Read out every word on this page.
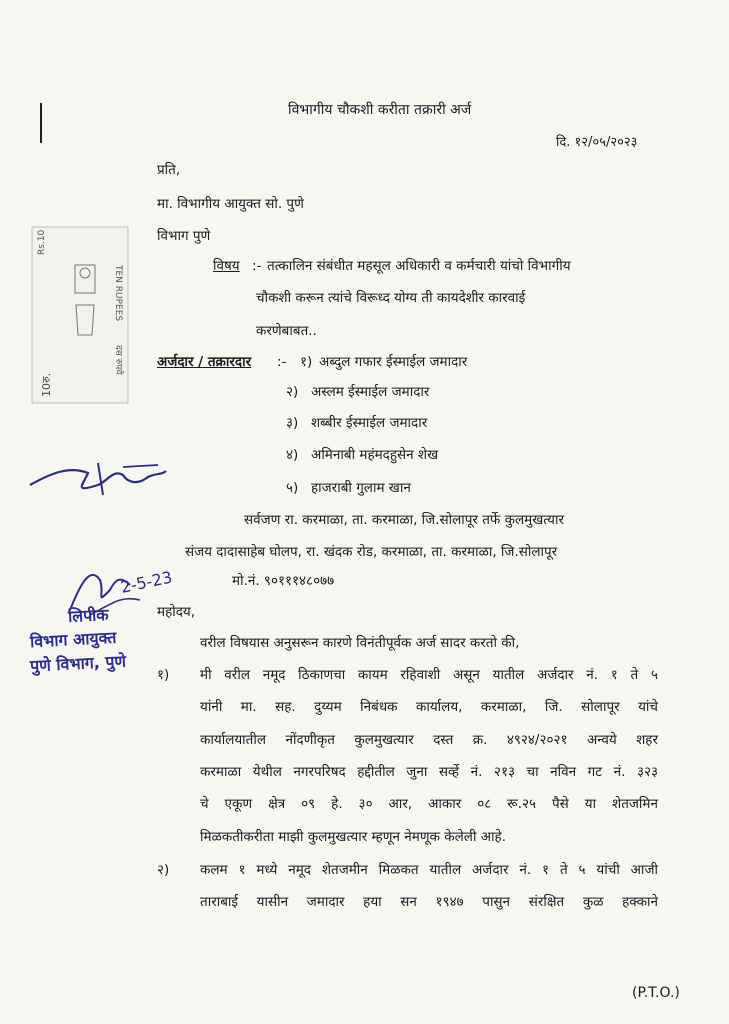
विभागीय चौकशी करीता तक्रारी अर्ज
दि. १२/०५/२०२३
प्रति,
मा. विभागीय आयुक्त सो. पुणे
विभाग पुणे
विषय :- तत्कालिन संबंधीत महसूल अधिकारी व कर्मचारी यांचो विभागीय
चौकशी करून त्यांचे विरूध्द योग्य ती कायदेशीर कारवाई
करणेबाबत..
अर्जदार / तक्रारदार :- १) अब्दुल गफार ईस्माईल जमादार
२) अस्लम ईस्माईल जमादार
३) शब्बीर ईस्माईल जमादार
४) अमिनाबी महंमदहुसेन शेख
५) हाजराबी गुलाम खान
सर्वजण रा. करमाळा, ता. करमाळा, जि.सोलापूर तर्फे कुलमुखत्यार
संजय दादासाहेब घोलप, रा. खंदक रोड, करमाळा, ता. करमाळा, जि.सोलापूर
मो.नं. ९०१११४८०७७
महोदय,
वरील विषयास अनुसरून कारणे विनंतीपूर्वक अर्ज सादर करतो की,
१) मी वरील नमूद ठिकाणचा कायम रहिवाशी असून यातील अर्जदार नं. १ ते ५
यांनी मा. सह. दुय्यम निबंधक कार्यालय, करमाळा, जि. सोलापूर यांचे
कार्यालयातील नोंदणीकृत कुलमुखत्यार दस्त क्र. ४९२४/२०२१ अन्वये शहर
करमाळा येथील नगरपरिषद हद्दीतील जुना सर्व्हे नं. २१३ चा नविन गट नं. ३२३
चे एकूण क्षेत्र ०९ हे. ३० आर, आकार ०८ रू.२५ पैसे या शेतजमिन
मिळकतीकरीता माझी कुलमुखत्यार म्हणून नेमणूक केलेली आहे.
२) कलम १ मध्ये नमूद शेतजमीन मिळकत यातील अर्जदार नं. १ ते ५ यांची आजी
ताराबाई यासीन जमादार हया सन १९४७ पासुन संरक्षित कुळ हक्काने
(P.T.O.)
Rs.10
TEN RUPEES
10रु.
दस रुपये
2-5-23
लिपीक
विभाग आयुक्त
पुणे विभाग, पुणे
